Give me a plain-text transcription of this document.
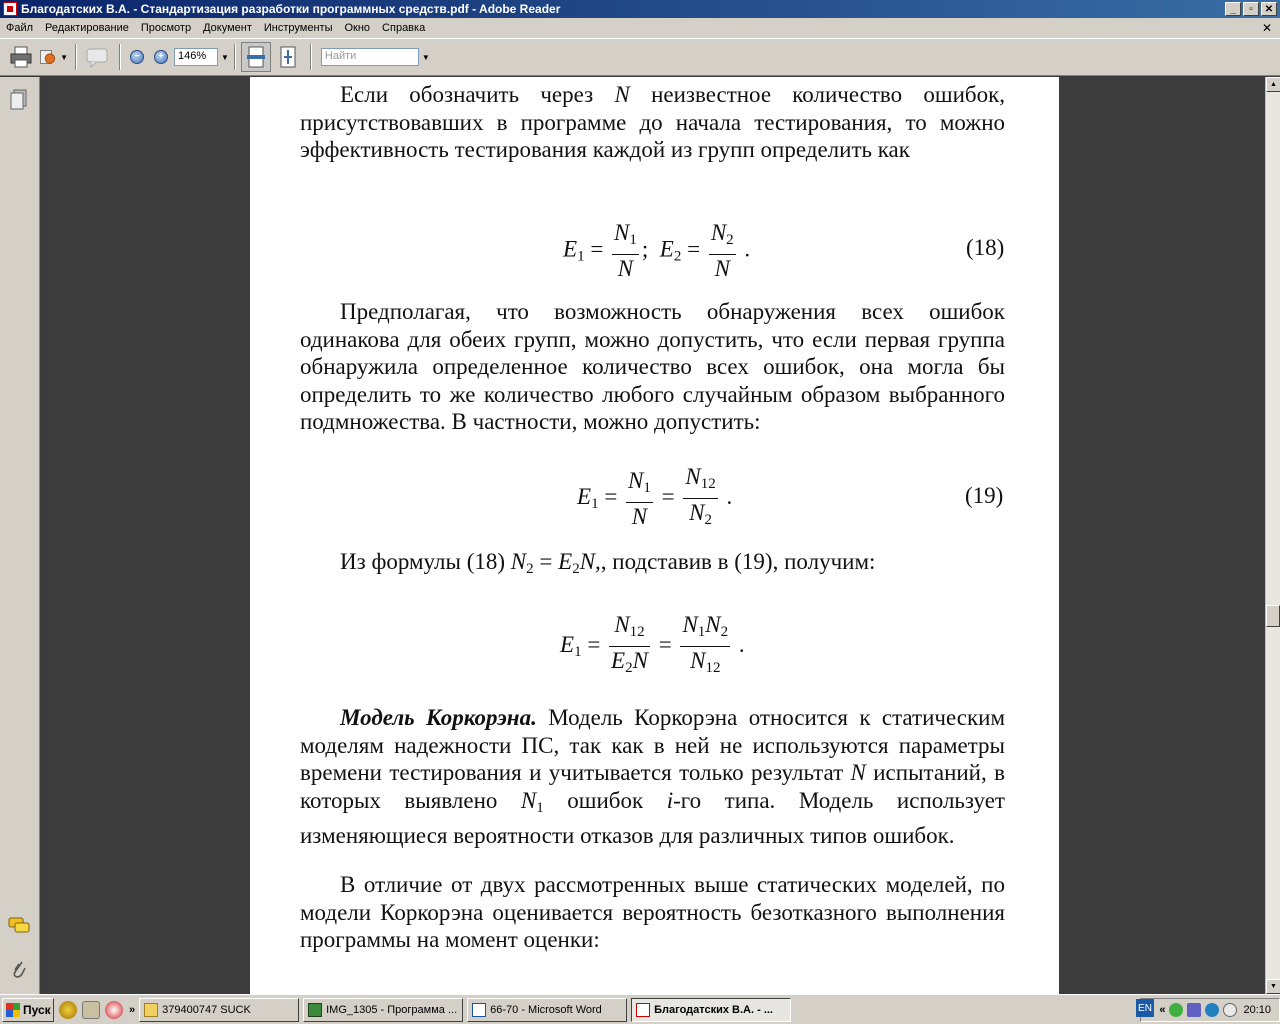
Благодатских В.А. - Стандартизация разработки программных средств.pdf - Adobe Reader	_	▫	✕
Файл	Редактирование	Просмотр	Документ	Инструменты	Окно	Справка	✕
▼	−	+	146%	▼	Найти	▼
Если обозначить через N неизвестное количество ошибок, присутствовавших в программе до начала тестирования, то можно эффективность тестирования каждой из групп определить как
$E_1 = \frac{N_1}{N}$ ;  $E_2 = \frac{N_2}{N}$ .	(18)
Предполагая, что возможность обнаружения всех ошибок одинакова для обеих групп, можно допустить, что если первая группа обнаружила определенное количество всех ошибок, она могла бы определить то же количество любого случайным образом выбранного подмножества. В частности, можно допустить:
$E_1 = \frac{N_1}{N} = \frac{N_{12}}{N_2}$ .	(19)
Из формулы (18) $N_2 = E_2N$,, подставив в (19), получим:
$E_1 = \frac{N_{12}}{E_2N} = \frac{N_1N_2}{N_{12}}$ .
Модель Коркорэна. Модель Коркорэна относится к статическим моделям надежности ПС, так как в ней не используются параметры времени тестирования и учитывается только результат N испытаний, в которых выявлено $N_1$ ошибок i-го типа. Модель использует изменяющиеся вероятности отказов для различных типов ошибок.
В отличие от двух рассмотренных выше статических моделей, по модели Коркорэна оценивается вероятность безотказного выполнения программы на момент оценки:
▲
▼
Пуск	» 379400747 SUCK	IMG_1305 - Программа ...	66-70 - Microsoft Word	Благодатских В.А. - ...	EN «	20:10
